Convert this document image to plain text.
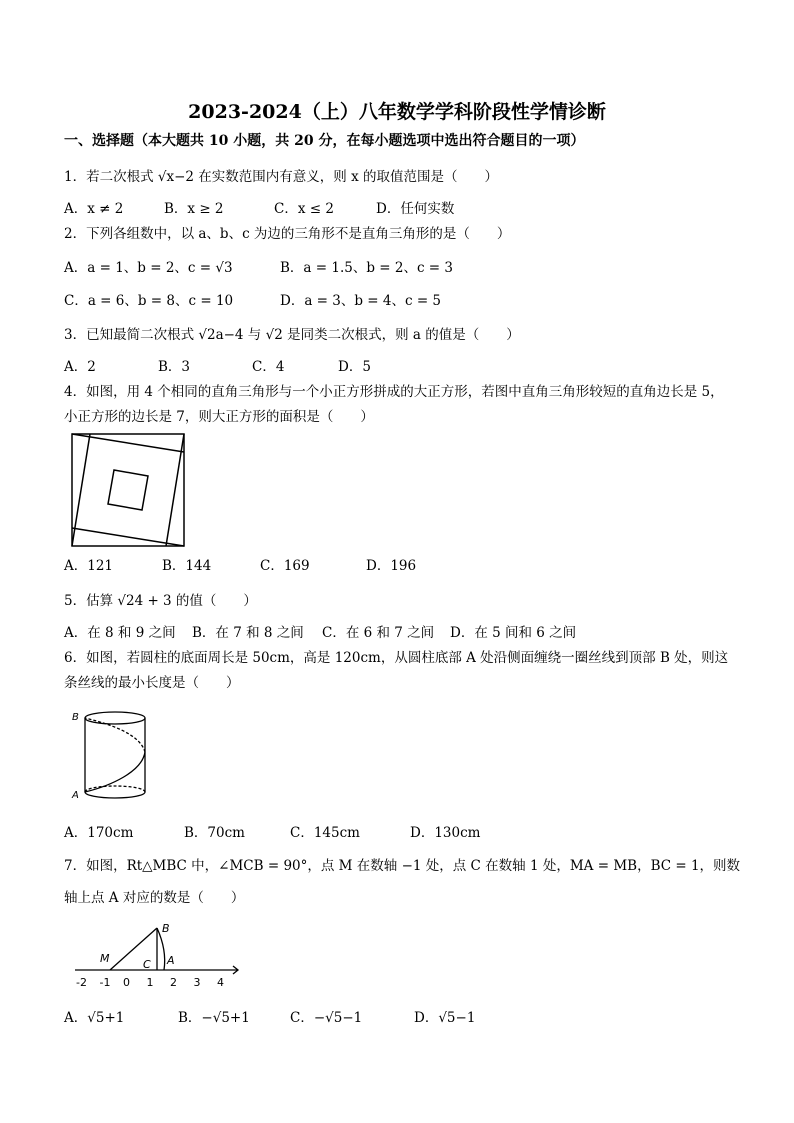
2023-2024（上）八年数学学科阶段性学情诊断
一、选择题（本大题共 10 小题，共 20 分，在每小题选项中选出符合题目的一项）
1．若二次根式 √x−2 在实数范围内有意义，则 x 的取值范围是（　　）
A．x ≠ 2	B．x ≥ 2	C．x ≤ 2	D．任何实数
2．下列各组数中，以 a、b、c 为边的三角形不是直角三角形的是（　　）
A．a = 1、b = 2、c = √3	B．a = 1.5、b = 2、c = 3
C．a = 6、b = 8、c = 10	D．a = 3、b = 4、c = 5
3．已知最简二次根式 √2a−4 与 √2 是同类二次根式，则 a 的值是（　　）
A．2	B．3	C．4	D．5
4．如图，用 4 个相同的直角三角形与一个小正方形拼成的大正方形，若图中直角三角形较短的直角边长是 5，
小正方形的边长是 7，则大正方形的面积是（　　）
A．121	B．144	C．169	D．196
5．估算 √24 + 3 的值（　　）
A．在 8 和 9 之间 B．在 7 和 8 之间 C．在 6 和 7 之间 D．在 5 间和 6 之间
6．如图，若圆柱的底面周长是 50cm，高是 120cm，从圆柱底部 A 处沿侧面缠绕一圈丝线到顶部 B 处，则这
条丝线的最小长度是（　　）
B
A
A．170cm	B．70cm	C．145cm	D．130cm
7．如图，Rt△MBC 中，∠MCB = 90°，点 M 在数轴 −1 处，点 C 在数轴 1 处，MA = MB，BC = 1，则数
轴上点 A 对应的数是（　　）
M
B
C A
-2 -1 0 1 2 3 4
A．√5+1	B．−√5+1	C．−√5−1	D．√5−1
